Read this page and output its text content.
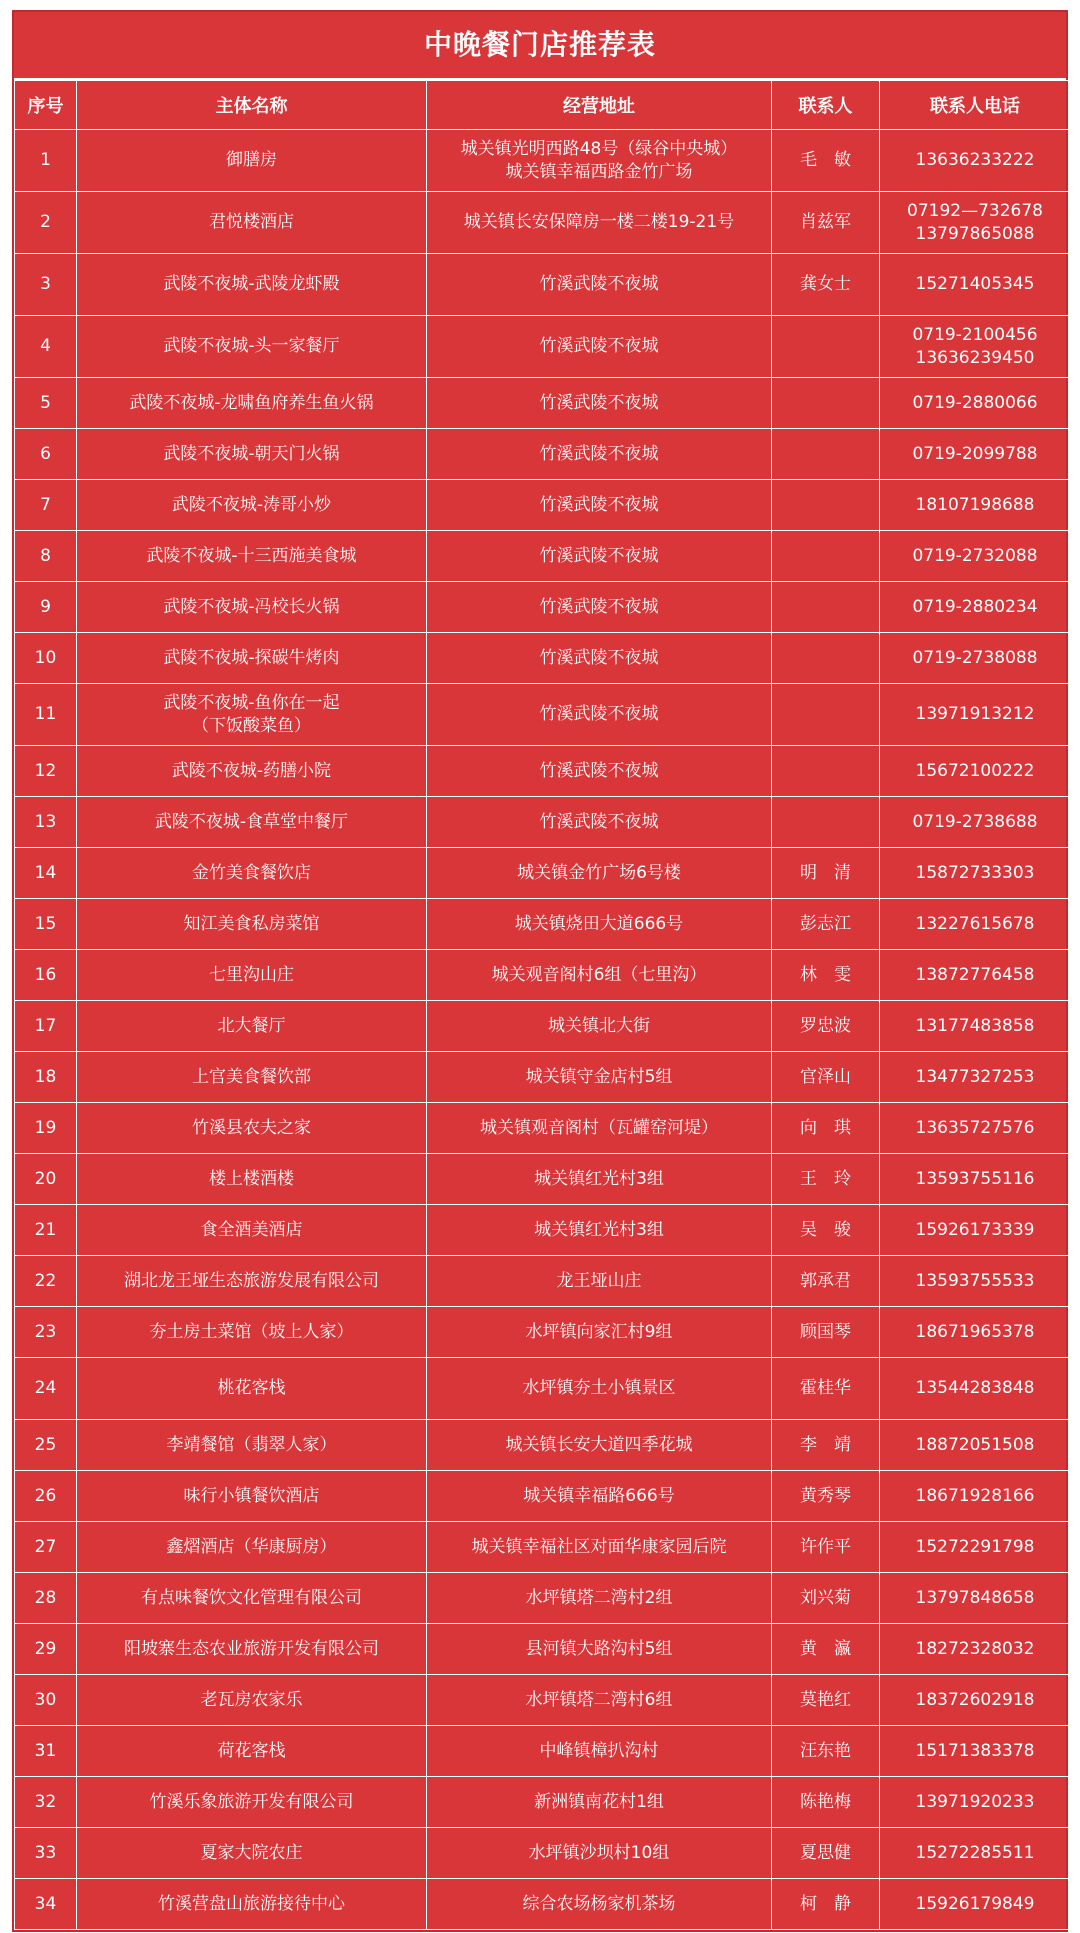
中晚餐门店推荐表
序号	主体名称	经营地址	联系人	联系人电话
1	御膳房	城关镇光明西路48号（绿谷中央城）
城关镇幸福西路金竹广场	毛　敏	13636233222

2	君悦楼酒店	城关镇长安保障房一楼二楼19-21号	肖兹军	07192—732678
13797865088

3	武陵不夜城-武陵龙虾殿	竹溪武陵不夜城	龚女士	15271405345

4	武陵不夜城-头一家餐厅	竹溪武陵不夜城		0719-2100456
13636239450

5	武陵不夜城-龙啸鱼府养生鱼火锅	竹溪武陵不夜城		0719-2880066

6	武陵不夜城-朝天门火锅	竹溪武陵不夜城		0719-2099788

7	武陵不夜城-涛哥小炒	竹溪武陵不夜城		18107198688

8	武陵不夜城-十三西施美食城	竹溪武陵不夜城		0719-2732088

9	武陵不夜城-冯校长火锅	竹溪武陵不夜城		0719-2880234

10	武陵不夜城-探碳牛烤肉	竹溪武陵不夜城		0719-2738088

11	武陵不夜城-鱼你在一起
（下饭酸菜鱼）	竹溪武陵不夜城		13971913212

12	武陵不夜城-药膳小院	竹溪武陵不夜城		15672100222

13	武陵不夜城-食草堂中餐厅	竹溪武陵不夜城		0719-2738688

14	金竹美食餐饮店	城关镇金竹广场6号楼	明　清	15872733303

15	知江美食私房菜馆	城关镇烧田大道666号	彭志江	13227615678

16	七里沟山庄	城关观音阁村6组（七里沟）	林　雯	13872776458

17	北大餐厅	城关镇北大街	罗忠波	13177483858

18	上官美食餐饮部	城关镇守金店村5组	官泽山	13477327253

19	竹溪县农夫之家	城关镇观音阁村（瓦罐窑河堤）	向　琪	13635727576

20	楼上楼酒楼	城关镇红光村3组	王　玲	13593755116

21	食全酒美酒店	城关镇红光村3组	吴　骏	15926173339

22	湖北龙王垭生态旅游发展有限公司	龙王垭山庄	郭承君	13593755533

23	夯土房土菜馆（坡上人家）	水坪镇向家汇村9组	顾国琴	18671965378

24	桃花客栈	水坪镇夯土小镇景区	霍桂华	13544283848

25	李靖餐馆（翡翠人家）	城关镇长安大道四季花城	李　靖	18872051508

26	味行小镇餐饮酒店	城关镇幸福路666号	黄秀琴	18671928166

27	鑫熠酒店（华康厨房）	城关镇幸福社区对面华康家园后院	许作平	15272291798

28	有点味餐饮文化管理有限公司	水坪镇塔二湾村2组	刘兴菊	13797848658

29	阳坡寨生态农业旅游开发有限公司	县河镇大路沟村5组	黄　瀛	18272328032

30	老瓦房农家乐	水坪镇塔二湾村6组	莫艳红	18372602918

31	荷花客栈	中峰镇樟扒沟村	汪东艳	15171383378

32	竹溪乐象旅游开发有限公司	新洲镇南花村1组	陈艳梅	13971920233

33	夏家大院农庄	水坪镇沙坝村10组	夏思健	15272285511

34	竹溪营盘山旅游接待中心	综合农场杨家机茶场	柯　静	15926179849
